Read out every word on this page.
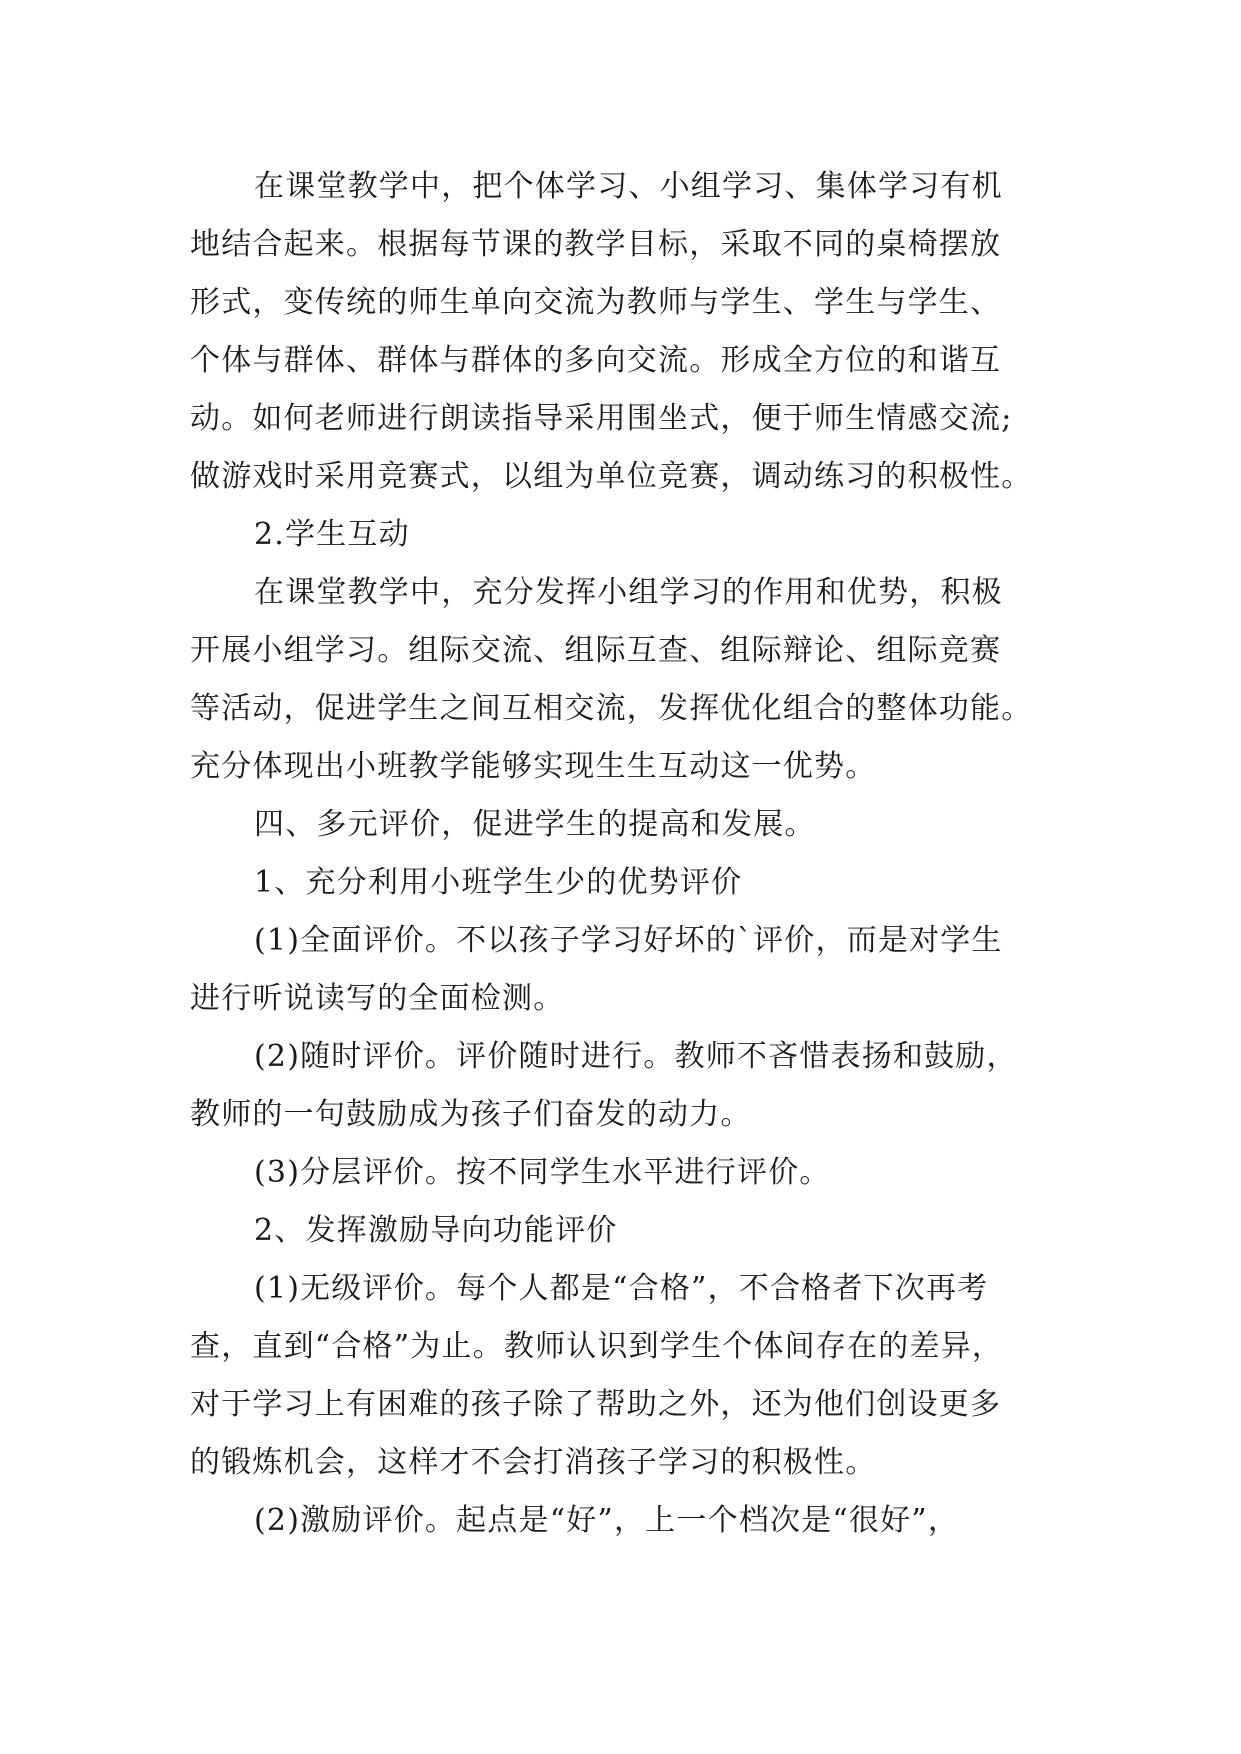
在课堂教学中，把个体学习、小组学习、集体学习有机
地结合起来。根据每节课的教学目标，采取不同的桌椅摆放
形式，变传统的师生单向交流为教师与学生、学生与学生、
个体与群体、群体与群体的多向交流。形成全方位的和谐互
动。如何老师进行朗读指导采用围坐式，便于师生情感交流;
做游戏时采用竞赛式，以组为单位竞赛，调动练习的积极性。
2.学生互动
在课堂教学中，充分发挥小组学习的作用和优势，积极
开展小组学习。组际交流、组际互查、组际辩论、组际竞赛
等活动，促进学生之间互相交流，发挥优化组合的整体功能。
充分体现出小班教学能够实现生生互动这一优势。
四、多元评价，促进学生的提高和发展。
1、充分利用小班学生少的优势评价
(1)全面评价。不以孩子学习好坏的`评价，而是对学生
进行听说读写的全面检测。
(2)随时评价。评价随时进行。教师不吝惜表扬和鼓励，
教师的一句鼓励成为孩子们奋发的动力。
(3)分层评价。按不同学生水平进行评价。
2、发挥激励导向功能评价
(1)无级评价。每个人都是“合格”，不合格者下次再考
查，直到“合格”为止。教师认识到学生个体间存在的差异，
对于学习上有困难的孩子除了帮助之外，还为他们创设更多
的锻炼机会，这样才不会打消孩子学习的积极性。
(2)激励评价。起点是“好”，上一个档次是“很好”，
